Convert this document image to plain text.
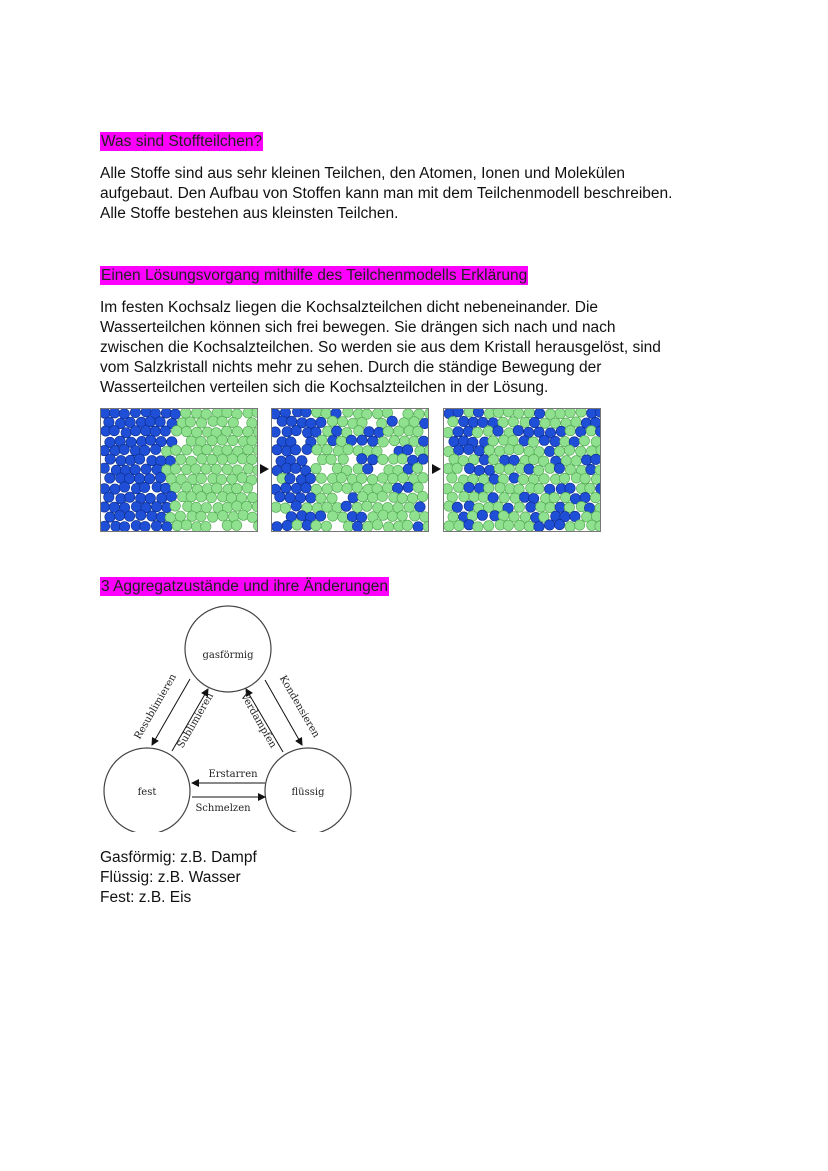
Was sind Stoffteilchen?
Alle Stoffe sind aus sehr kleinen Teilchen, den Atomen, Ionen und Molekülen
aufgebaut. Den Aufbau von Stoffen kann man mit dem Teilchenmodell beschreiben.
Alle Stoffe bestehen aus kleinsten Teilchen.
Einen Lösungsvorgang mithilfe des Teilchenmodells Erklärung
Im festen Kochsalz liegen die Kochsalzteilchen dicht nebeneinander. Die
Wasserteilchen können sich frei bewegen. Sie drängen sich nach und nach
zwischen die Kochsalzteilchen. So werden sie aus dem Kristall herausgelöst, sind
vom Salzkristall nichts mehr zu sehen. Durch die ständige Bewegung der
Wasserteilchen verteilen sich die Kochsalzteilchen in der Lösung.
3 Aggregatzustände und ihre Änderungen
gasförmig
fest	flüssig
Resublimieren
Sublimieren Verdampfen
Kondensieren
Erstarren
Schmelzen
Gasförmig: z.B. Dampf
Flüssig: z.B. Wasser
Fest: z.B. Eis
